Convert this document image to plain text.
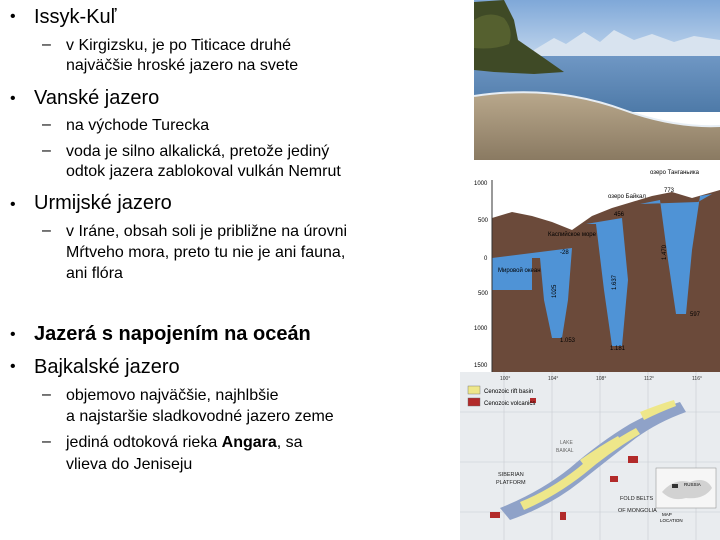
• Issyk-Kuľ
– v Kirgizsku, je po Titicace druhé
najväčšie hroské jazero na svete
• Vanské jazero
– na východe Turecka
– voda je silno alkalická, pretože jediný
odtok jazera zablokoval vulkán Nemrut
• Urmijské jazero
– v Iráne, obsah soli je približne na úrovni
Mŕtveho mora, preto tu nie je ani fauna,
ani flóra
• Jazerá s napojením na oceán
• Bajkalské jazero
– objemovo najväčšie, najhlbšie
a najstaršie sladkovodné jazero zeme
– jediná odtoková rieka Angara, sa
vlieva do Jeniseju
1000
500
0
500
1000
1500
озеро Танганьика
773
озеро Байкал
456
Каспийское море
-28
Мировой океан
1025
1.637
1.470
1.053
1.181
597
100°	104°	108°	112°	116°
Cenozoic rift basin
Cenozoic volcanics
SIBERIAN
PLATFORM
LAKE
BAIKAL
FOLD BELTS
OF MONGOLIA
RUSSIA
MAP
LOCATION
